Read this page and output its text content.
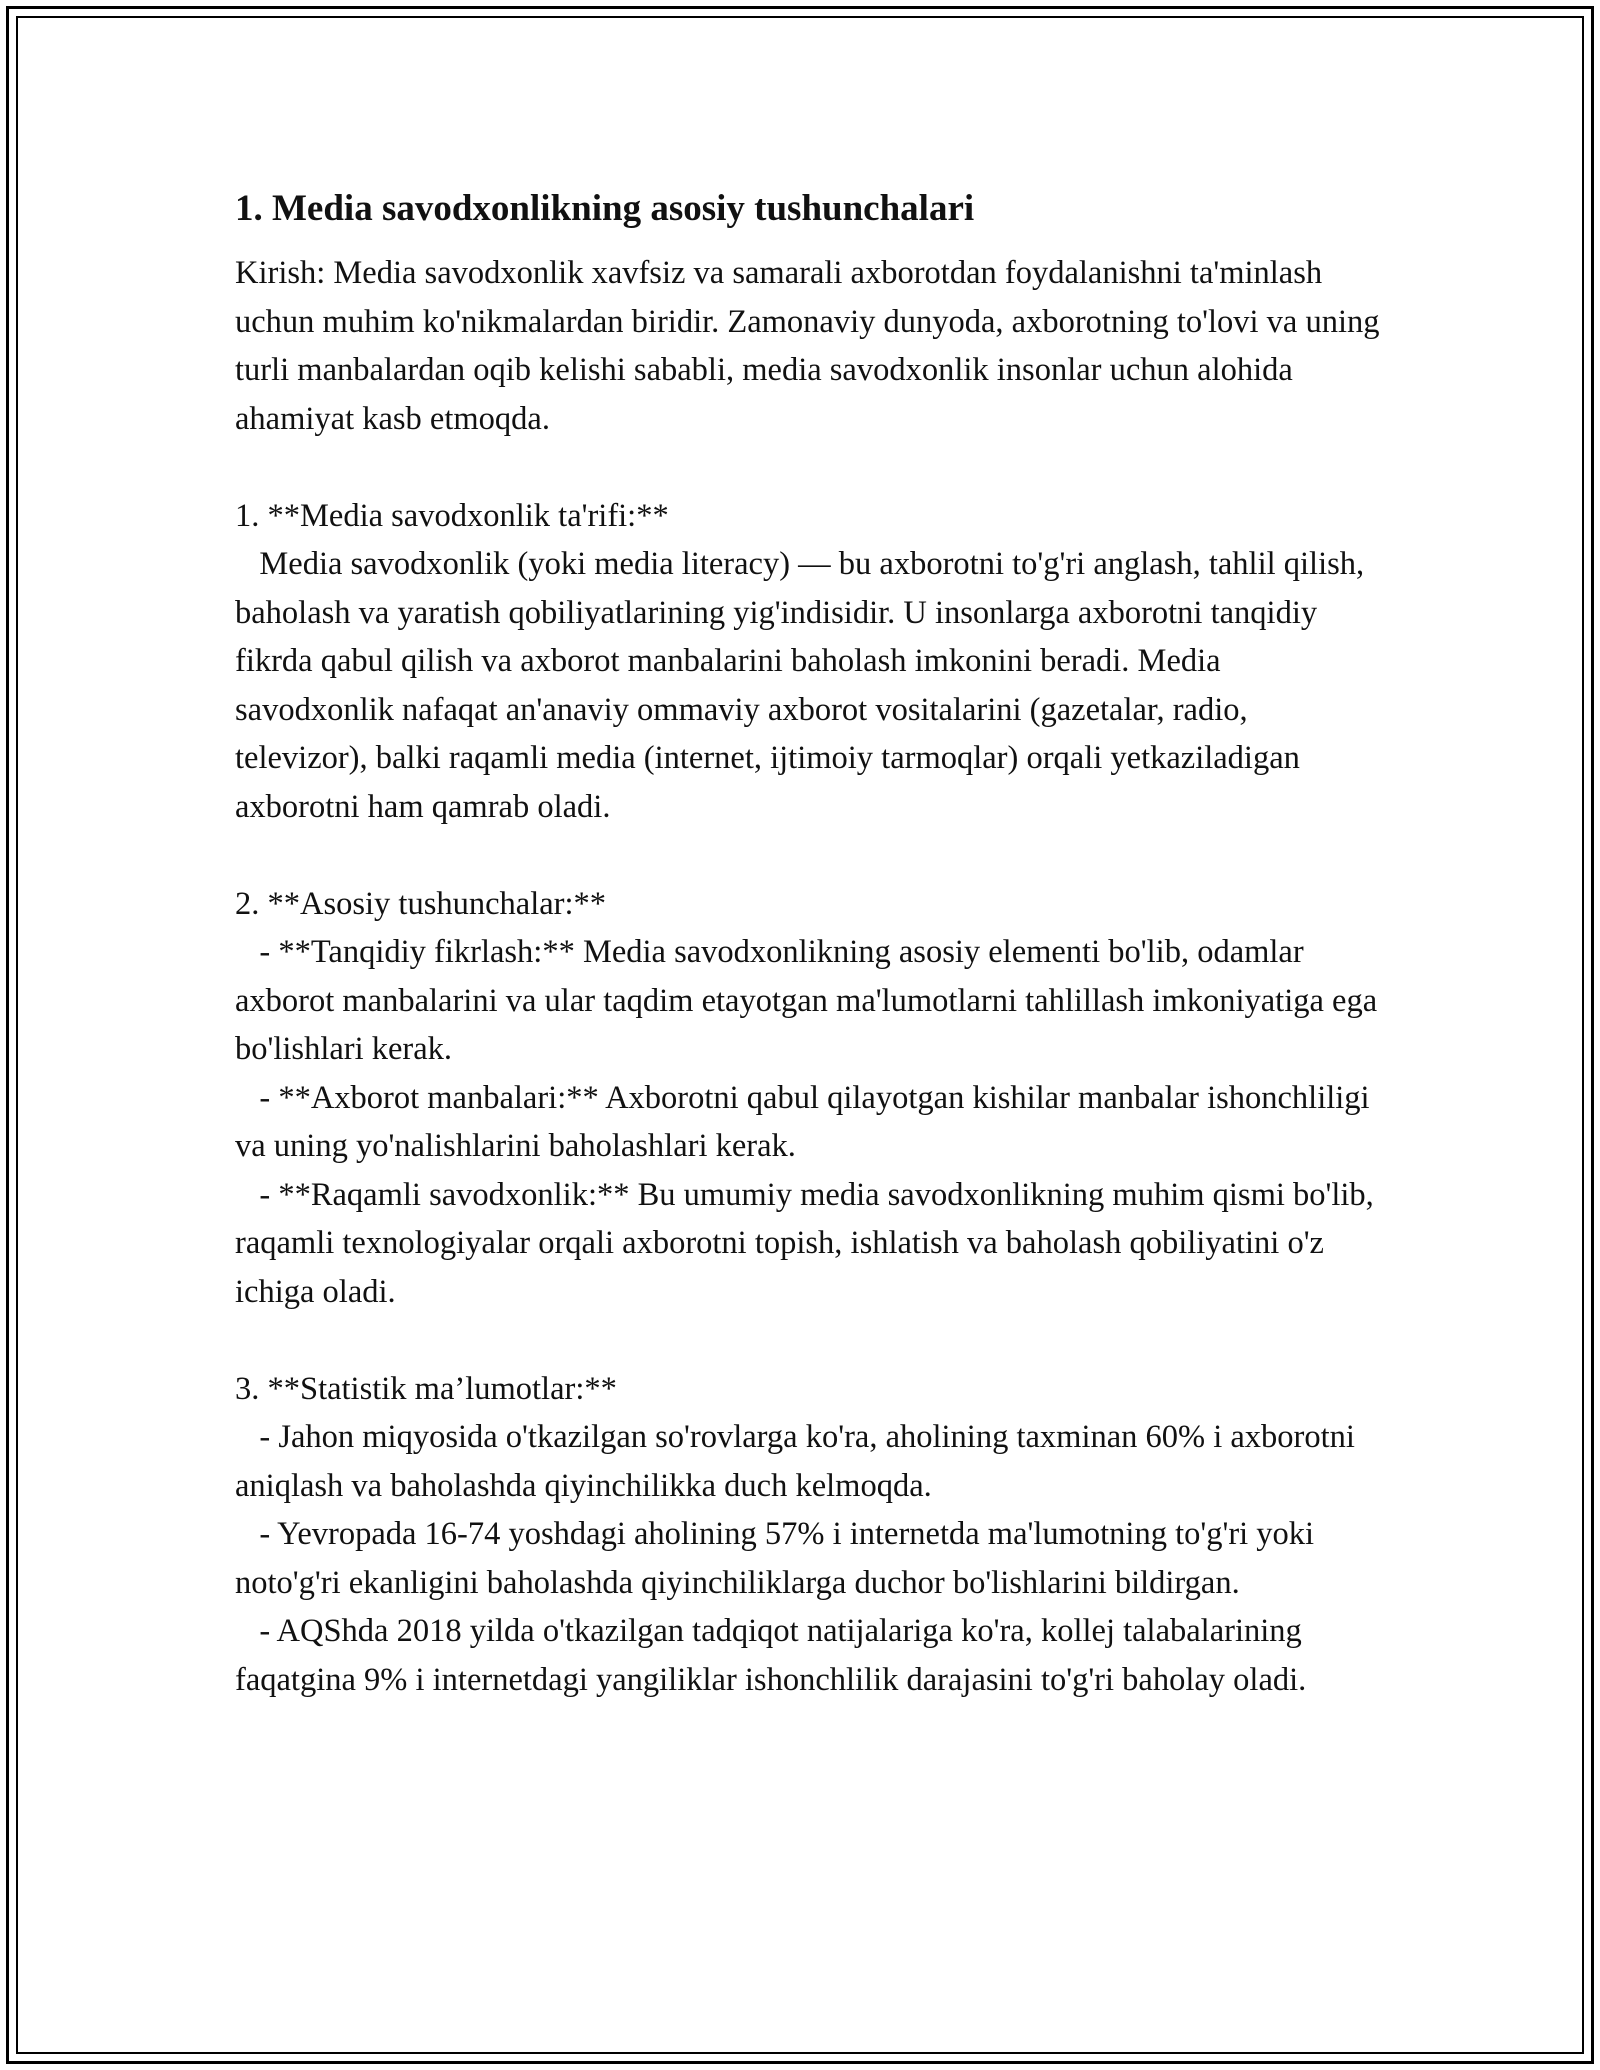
1. Media savodxonlikning asosiy tushunchalari

Kirish: Media savodxonlik xavfsiz va samarali axborotdan foydalanishni ta'minlash uchun muhim ko'nikmalardan biridir. Zamonaviy dunyoda, axborotning to'lovi va uning turli manbalardan oqib kelishi sababli, media savodxonlik insonlar uchun alohida ahamiyat kasb etmoqda.

1. **Media savodxonlik ta'rifi:**

Media savodxonlik (yoki media literacy) — bu axborotni to'g'ri anglash, tahlil qilish, baholash va yaratish qobiliyatlarining yig'indisidir. U insonlarga axborotni tanqidiy fikrda qabul qilish va axborot manbalarini baholash imkonini beradi. Media savodxonlik nafaqat an'anaviy ommaviy axborot vositalarini (gazetalar, radio, televizor), balki raqamli media (internet, ijtimoiy tarmoqlar) orqali yetkaziladigan axborotni ham qamrab oladi.

2. **Asosiy tushunchalar:**

- **Tanqidiy fikrlash:** Media savodxonlikning asosiy elementi bo'lib, odamlar axborot manbalarini va ular taqdim etayotgan ma'lumotlarni tahlillash imkoniyatiga ega bo'lishlari kerak.

- **Axborot manbalari:** Axborotni qabul qilayotgan kishilar manbalar ishonchliligi va uning yo'nalishlarini baholashlari kerak.

- **Raqamli savodxonlik:** Bu umumiy media savodxonlikning muhim qismi bo'lib, raqamli texnologiyalar orqali axborotni topish, ishlatish va baholash qobiliyatini o'z ichiga oladi.

3. **Statistik ma’lumotlar:**

- Jahon miqyosida o'tkazilgan so'rovlarga ko'ra, aholining taxminan 60% i axborotni aniqlash va baholashda qiyinchilikka duch kelmoqda.

- Yevropada 16-74 yoshdagi aholining 57% i internetda ma'lumotning to'g'ri yoki noto'g'ri ekanligini baholashda qiyinchiliklarga duchor bo'lishlarini bildirgan.

- AQShda 2018 yilda o'tkazilgan tadqiqot natijalariga ko'ra, kollej talabalarining faqatgina 9% i internetdagi yangiliklar ishonchlilik darajasini to'g'ri baholay oladi.
